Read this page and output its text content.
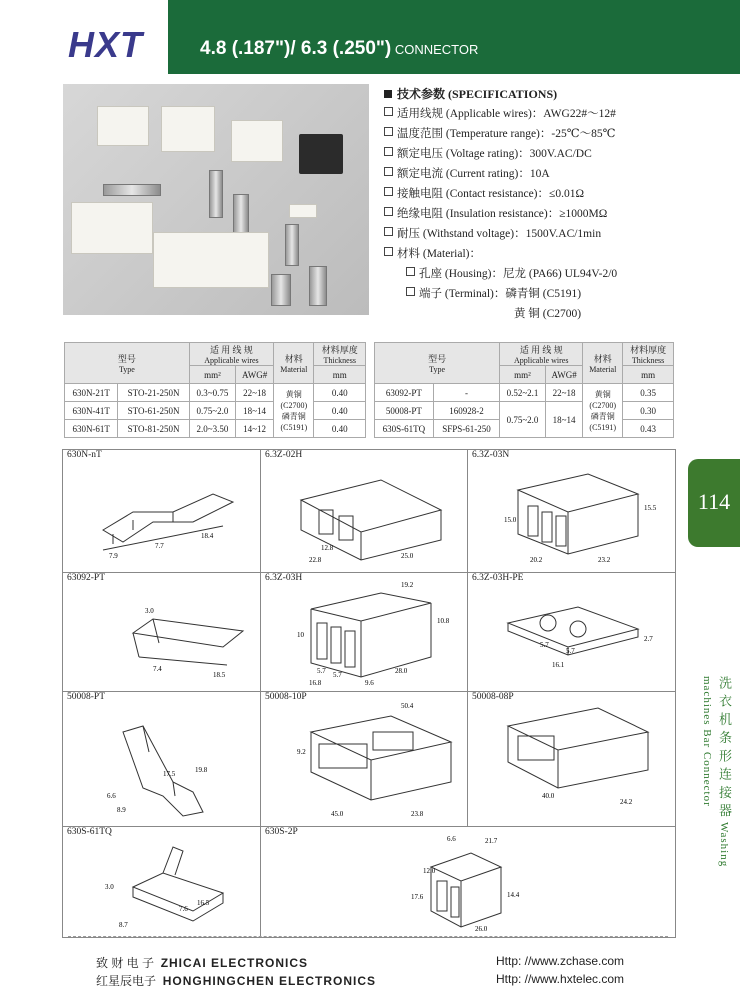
HXT	4.8 (.187")/ 6.3 (.250") CONNECTOR
技术参数 (SPECIFICATIONS)
适用线规 (Applicable wires)：AWG22#～12#
温度范围 (Temperature range)：-25℃～85℃
额定电压 (Voltage rating)：300V.AC/DC
额定电流 (Current rating)：10A
接触电阻 (Contact resistance)：≤0.01Ω
绝缘电阻 (Insulation resistance)：≥1000MΩ
耐压 (Withstand voltage)：1500V.AC/1min
材料 (Material)：
孔座 (Housing)：尼龙 (PA66) UL94V-2/0
端子 (Terminal)：磷青铜 (C5191)
黄 铜 (C2700)
型号
Type		适 用 线 规
Applicable wires		材料
Material	材料厚度
Thickness

		mm²	AWG#		mm
630N-21T	STO-21-250N	0.3~0.75	22~18	黄铜
(C2700)
磷青铜
(C5191)	0.40
630N-41T	STO-61-250N	0.75~2.0	18~14		0.40
630N-61T	STO-81-250N	2.0~3.50	14~12		0.40
型号
Type		适 用 线 规
Applicable wires		材料
Material	材料厚度
Thickness

		mm²	AWG#		mm
63092-PT	-	0.52~2.1	22~18	黄铜
(C2700)
磷青铜
(C5191)	0.35
50008-PT	160928-2	0.75~2.0	18~14		0.30
630S-61TQ	SFPS-61-250				0.43
630N-nT
7.9
7.7
18.4
6.3Z-02H
12.8
22.8	25.0
6.3Z-03N
15.0
15.5
20.2	23.2
63092-PT
3.0
7.4
18.5
6.3Z-03H
19.2
10.8
10
5.7 5.7
16.8	9.6
28.0
6.3Z-03H-PE
5.7
5.7
16.1
2.7
50008-PT
6.6
8.9
17.5	19.8
50008-10P
50.4
9.2
45.0	23.8
50008-08P
40.0
24.2
630S-61TQ
3.0
8.7
7.6
16.5
630S-2P
6.6	21.7
12.0
17.6	14.4
26.0
114
洗 衣 机 条 形 连 接 器 Washing machines Bar Connector
致 财 电 子 ZHICAI ELECTRONICS	Http: //www.zchase.com
红星辰电子 HONGHINGCHEN ELECTRONICS	Http: //www.hxtelec.com
